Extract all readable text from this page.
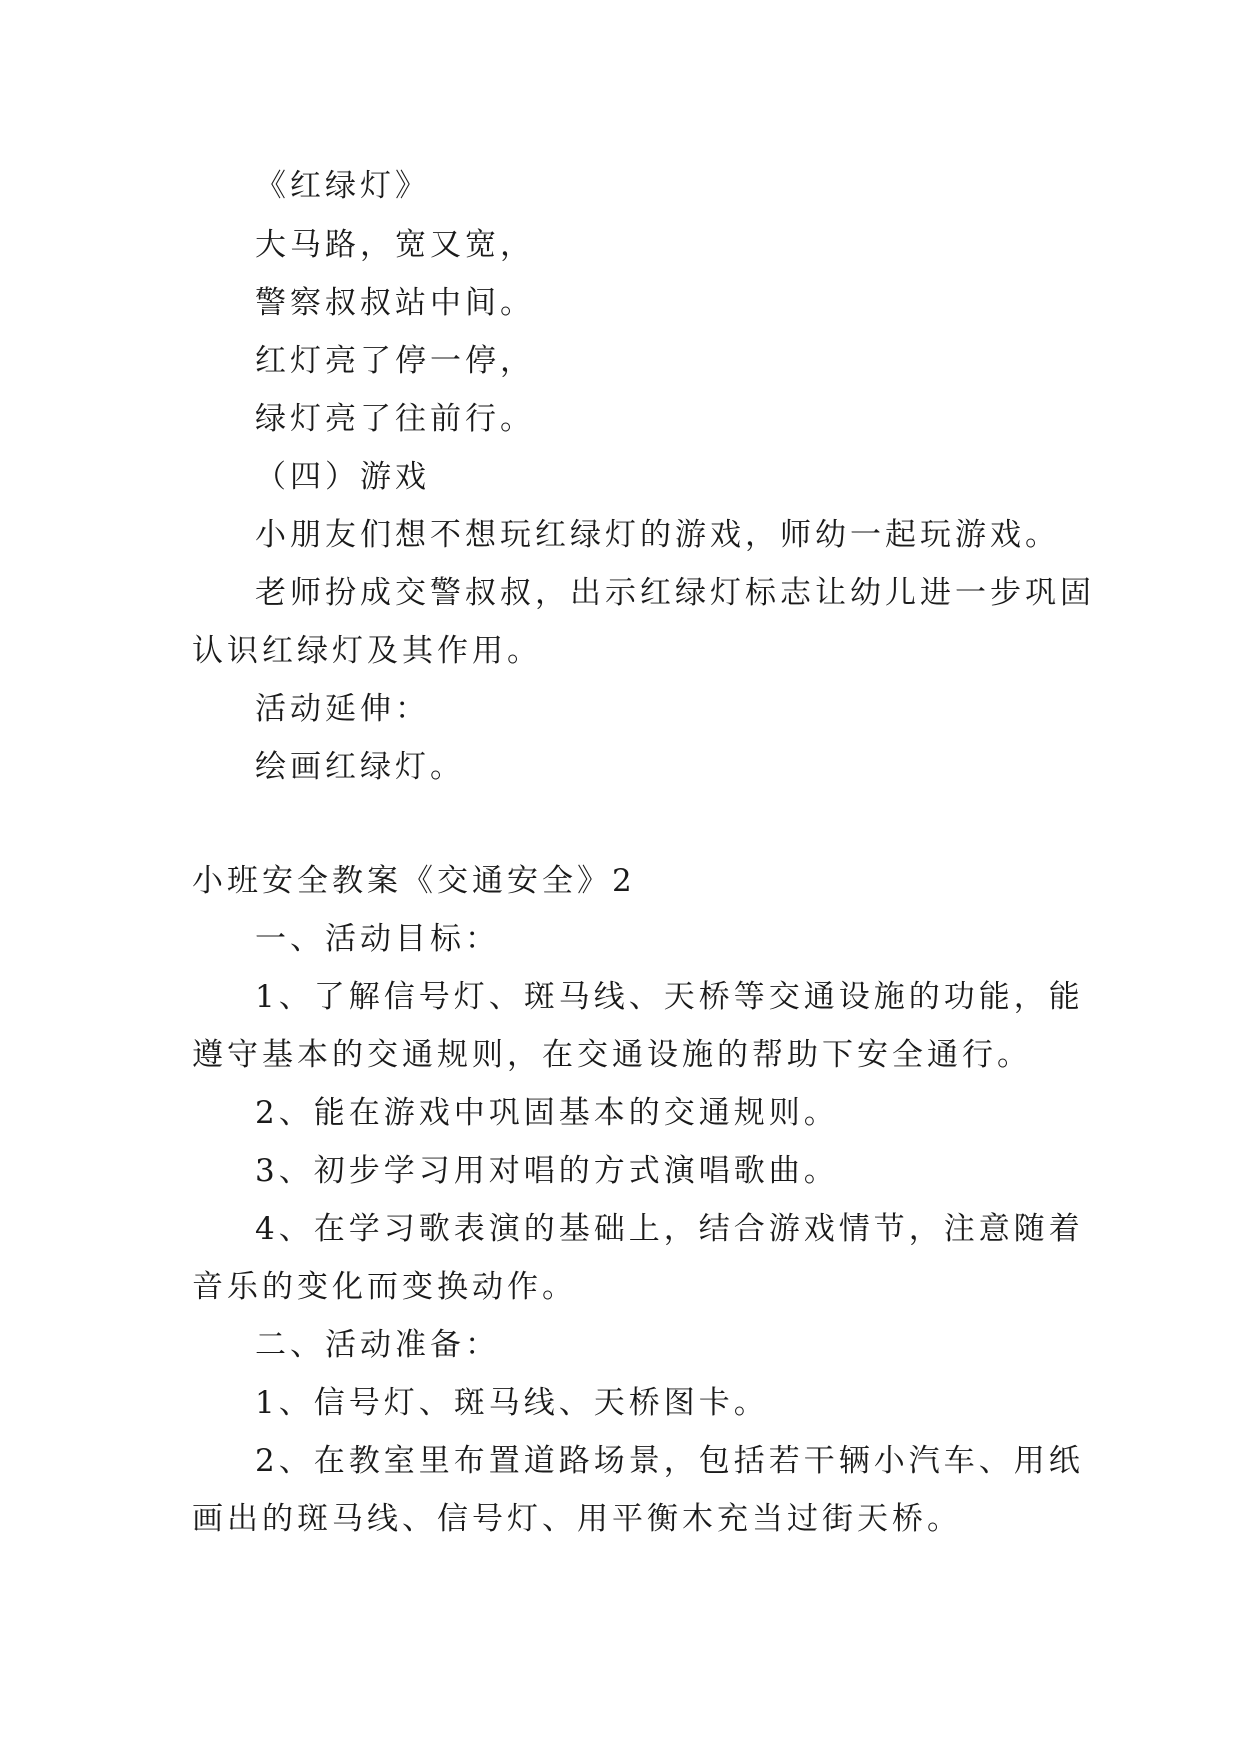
《红绿灯》
大马路，宽又宽，
警察叔叔站中间。
红灯亮了停一停，
绿灯亮了往前行。
（四）游戏
小朋友们想不想玩红绿灯的游戏，师幼一起玩游戏。
老师扮成交警叔叔，出示红绿灯标志让幼儿进一步巩固
认识红绿灯及其作用。
活动延伸：
绘画红绿灯。
小班安全教案《交通安全》2
一、活动目标：
1、了解信号灯、斑马线、天桥等交通设施的功能，能
遵守基本的交通规则，在交通设施的帮助下安全通行。
2、能在游戏中巩固基本的交通规则。
3、初步学习用对唱的方式演唱歌曲。
4、在学习歌表演的基础上，结合游戏情节，注意随着
音乐的变化而变换动作。
二、活动准备：
1、信号灯、斑马线、天桥图卡。
2、在教室里布置道路场景，包括若干辆小汽车、用纸
画出的斑马线、信号灯、用平衡木充当过街天桥。
